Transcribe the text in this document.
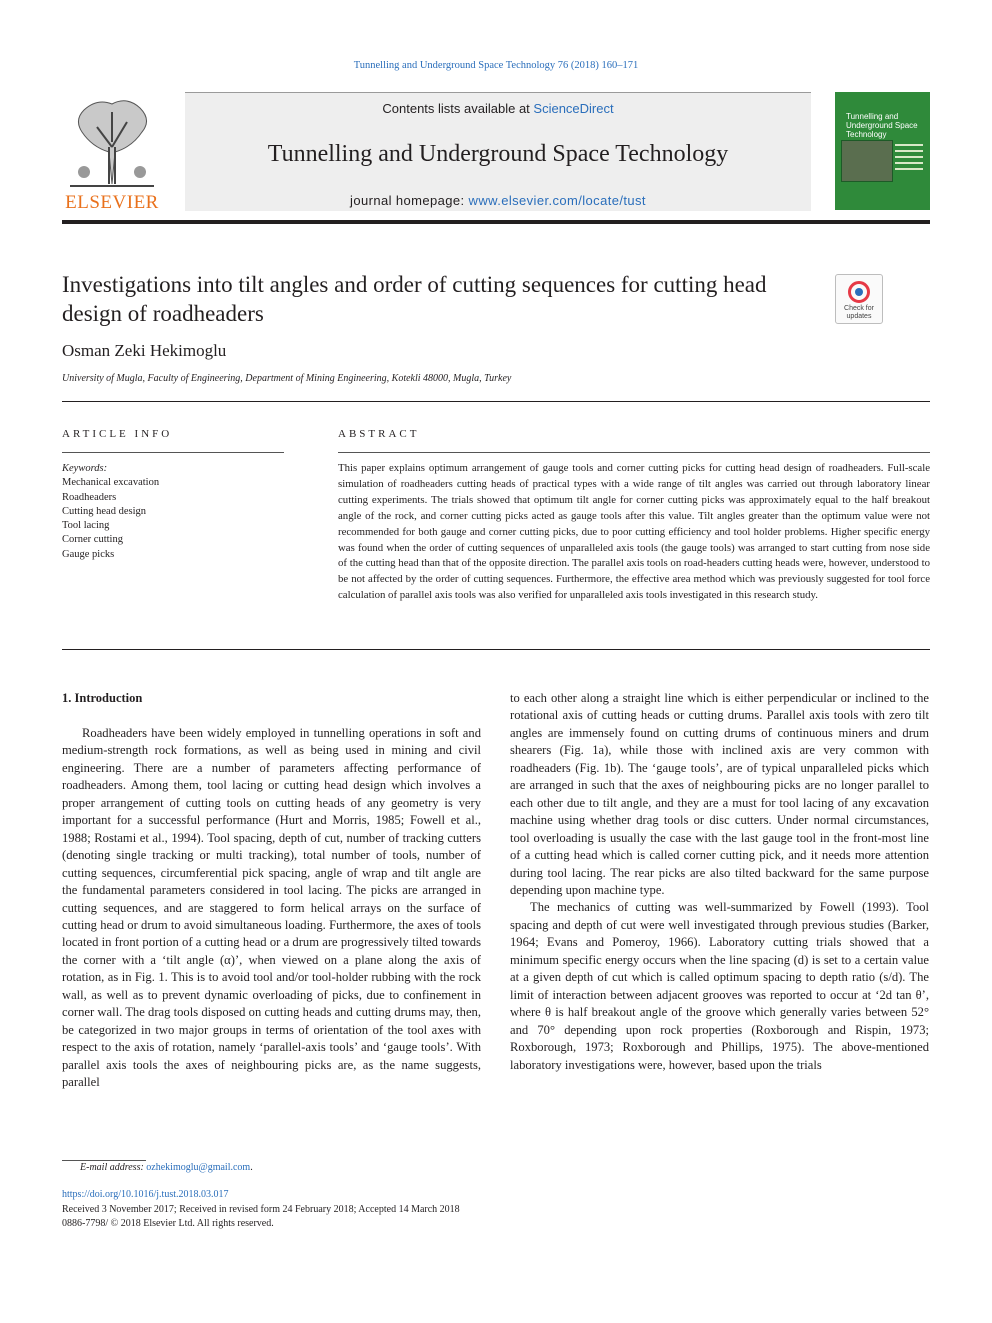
Tunnelling and Underground Space Technology 76 (2018) 160–171
ELSEVIER
Contents lists available at ScienceDirect
Tunnelling and Underground Space Technology
journal homepage: www.elsevier.com/locate/tust
Tunnelling and Underground Space Technology
Investigations into tilt angles and order of cutting sequences for cutting head
design of roadheaders	Check for
updates
Osman Zeki Hekimoglu
University of Mugla, Faculty of Engineering, Department of Mining Engineering, Kotekli 48000, Mugla, Turkey
ARTICLE INFO
Keywords:
Mechanical excavation
Roadheaders
Cutting head design
Tool lacing
Corner cutting
Gauge picks
ABSTRACT
This paper explains optimum arrangement of gauge tools and corner cutting picks for cutting head design of roadheaders. Full-scale simulation of roadheaders cutting heads of practical types with a wide range of tilt angles was carried out through laboratory linear cutting experiments. The trials showed that optimum tilt angle for corner cutting picks was approximately equal to the half breakout angle of the rock, and corner cutting picks acted as gauge tools after this value. Tilt angles greater than the optimum value were not recommended for both gauge and corner cutting picks, due to poor cutting efficiency and tool holder problems. Higher specific energy was found when the order of cutting sequences of unparalleled axis tools (the gauge tools) was arranged to start cutting from nose side of the cutting head than that of the opposite direction. The parallel axis tools on road-headers cutting heads were, however, understood to be not affected by the order of cutting sequences. Furthermore, the effective area method which was previously suggested for tool force calculation of parallel axis tools was also verified for unparalleled axis tools investigated in this research study.
1. Introduction

Roadheaders have been widely employed in tunnelling operations in soft and medium-strength rock formations, as well as being used in mining and civil engineering. There are a number of parameters affecting performance of roadheaders. Among them, tool lacing or cutting head design which involves a proper arrangement of cutting tools on cutting heads of any geometry is very important for a successful performance (Hurt and Morris, 1985; Fowell et al., 1988; Rostami et al., 1994). Tool spacing, depth of cut, number of tracking cutters (denoting single tracking or multi tracking), total number of tools, number of cutting sequences, circumferential pick spacing, angle of wrap and tilt angle are the fundamental parameters considered in tool lacing. The picks are arranged in cutting sequences, and are staggered to form helical arrays on the surface of cutting head or drum to avoid simultaneous loading. Furthermore, the axes of tools located in front portion of a cutting head or a drum are progressively tilted towards the corner with a ‘tilt angle (α)’, when viewed on a plane along the axis of rotation, as in Fig. 1. This is to avoid tool and/or tool-holder rubbing with the rock wall, as well as to prevent dynamic overloading of picks, due to confinement in corner wall. The drag tools disposed on cutting heads and cutting drums may, then, be categorized in two major groups in terms of orientation of the tool axes with respect to the axis of rotation, namely ‘parallel-axis tools’ and ‘gauge tools’. With parallel axis tools the axes of neighbouring picks are, as the name suggests, parallel

to each other along a straight line which is either perpendicular or inclined to the rotational axis of cutting heads or cutting drums. Parallel axis tools with zero tilt angles are immensely found on cutting drums of continuous miners and drum shearers (Fig. 1a), while those with inclined axis are very common with roadheaders (Fig. 1b). The ‘gauge tools’, are of typical unparalleled picks which are arranged in such that the axes of neighbouring picks are no longer parallel to each other due to tilt angle, and they are a must for tool lacing of any excavation machine using whether drag tools or disc cutters. Under normal circumstances, tool overloading is usually the case with the last gauge tool in the front-most line of a cutting head which is called corner cutting pick, and it needs more attention during tool lacing. The rear picks are also tilted backward for the same purpose depending upon machine type.

The mechanics of cutting was well-summarized by Fowell (1993). Tool spacing and depth of cut were well investigated through previous studies (Barker, 1964; Evans and Pomeroy, 1966). Laboratory cutting trials showed that a minimum specific energy occurs when the line spacing (d) is set to a certain value at a given depth of cut which is called optimum spacing to depth ratio (s/d). The limit of interaction between adjacent grooves was reported to occur at ‘2d tan θ’, where θ is half breakout angle of the groove which generally varies between 52° and 70° depending upon rock properties (Roxborough and Rispin, 1973; Roxborough, 1973; Roxborough and Phillips, 1975). The above-mentioned laboratory investigations were, however, based upon the trials

E-mail address: ozhekimoglu@gmail.com.
https://doi.org/10.1016/j.tust.2018.03.017
Received 3 November 2017; Received in revised form 24 February 2018; Accepted 14 March 2018
0886-7798/ © 2018 Elsevier Ltd. All rights reserved.
